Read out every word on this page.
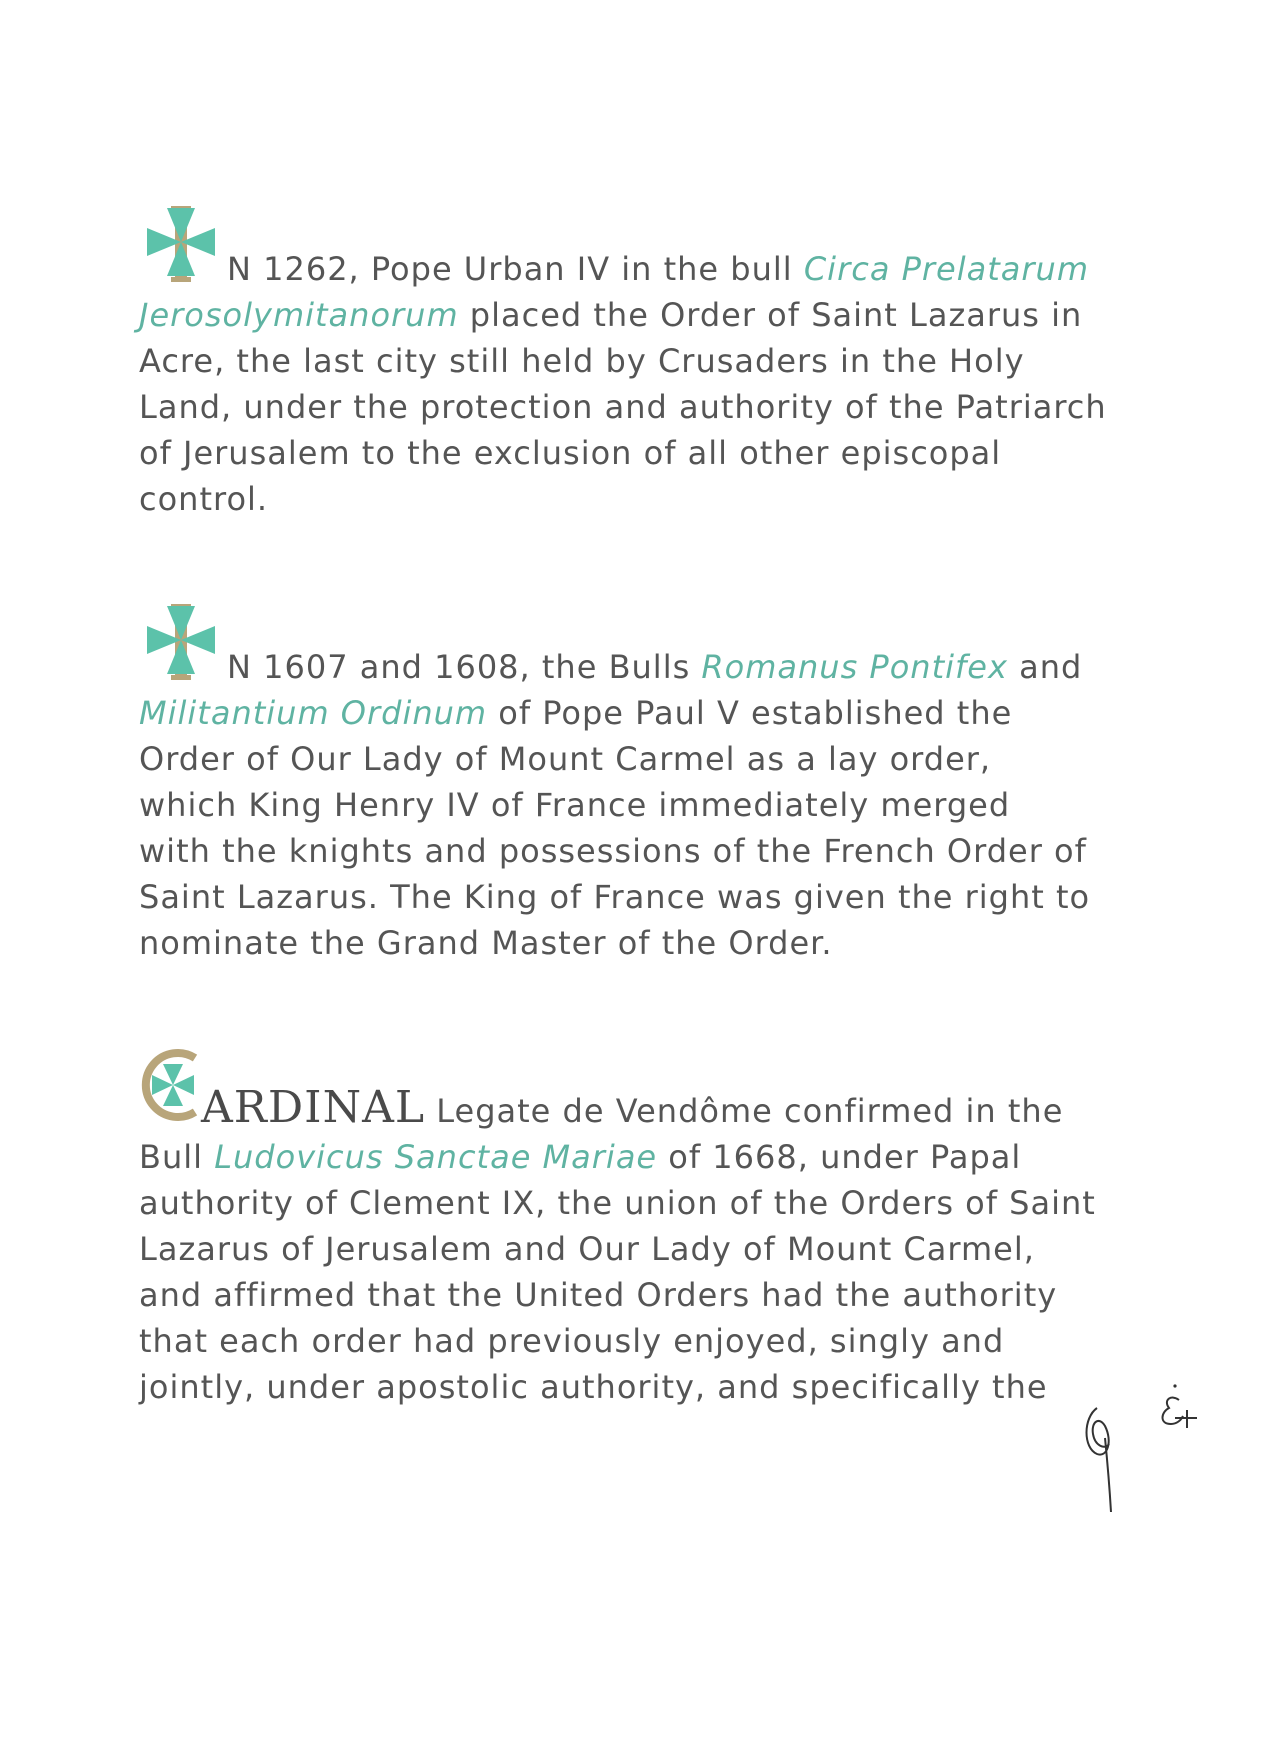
N 1262, Pope Urban IV in the bull Circa Prelatarum
Jerosolymitanorum placed the Order of Saint Lazarus in
Acre, the last city still held by Crusaders in the Holy
Land, under the protection and authority of the Patriarch
of Jerusalem to the exclusion of all other episcopal
control.
N 1607 and 1608, the Bulls Romanus Pontifex and
Militantium Ordinum of Pope Paul V established the
Order of Our Lady of Mount Carmel as a lay order,
which King Henry IV of France immediately merged
with the knights and possessions of the French Order of
Saint Lazarus. The King of France was given the right to
nominate the Grand Master of the Order.
ARDINAL Legate de Vendôme confirmed in the
Bull Ludovicus Sanctae Mariae of 1668, under Papal
authority of Clement IX, the union of the Orders of Saint
Lazarus of Jerusalem and Our Lady of Mount Carmel,
and affirmed that the United Orders had the authority
that each order had previously enjoyed, singly and
jointly, under apostolic authority, and specifically the
